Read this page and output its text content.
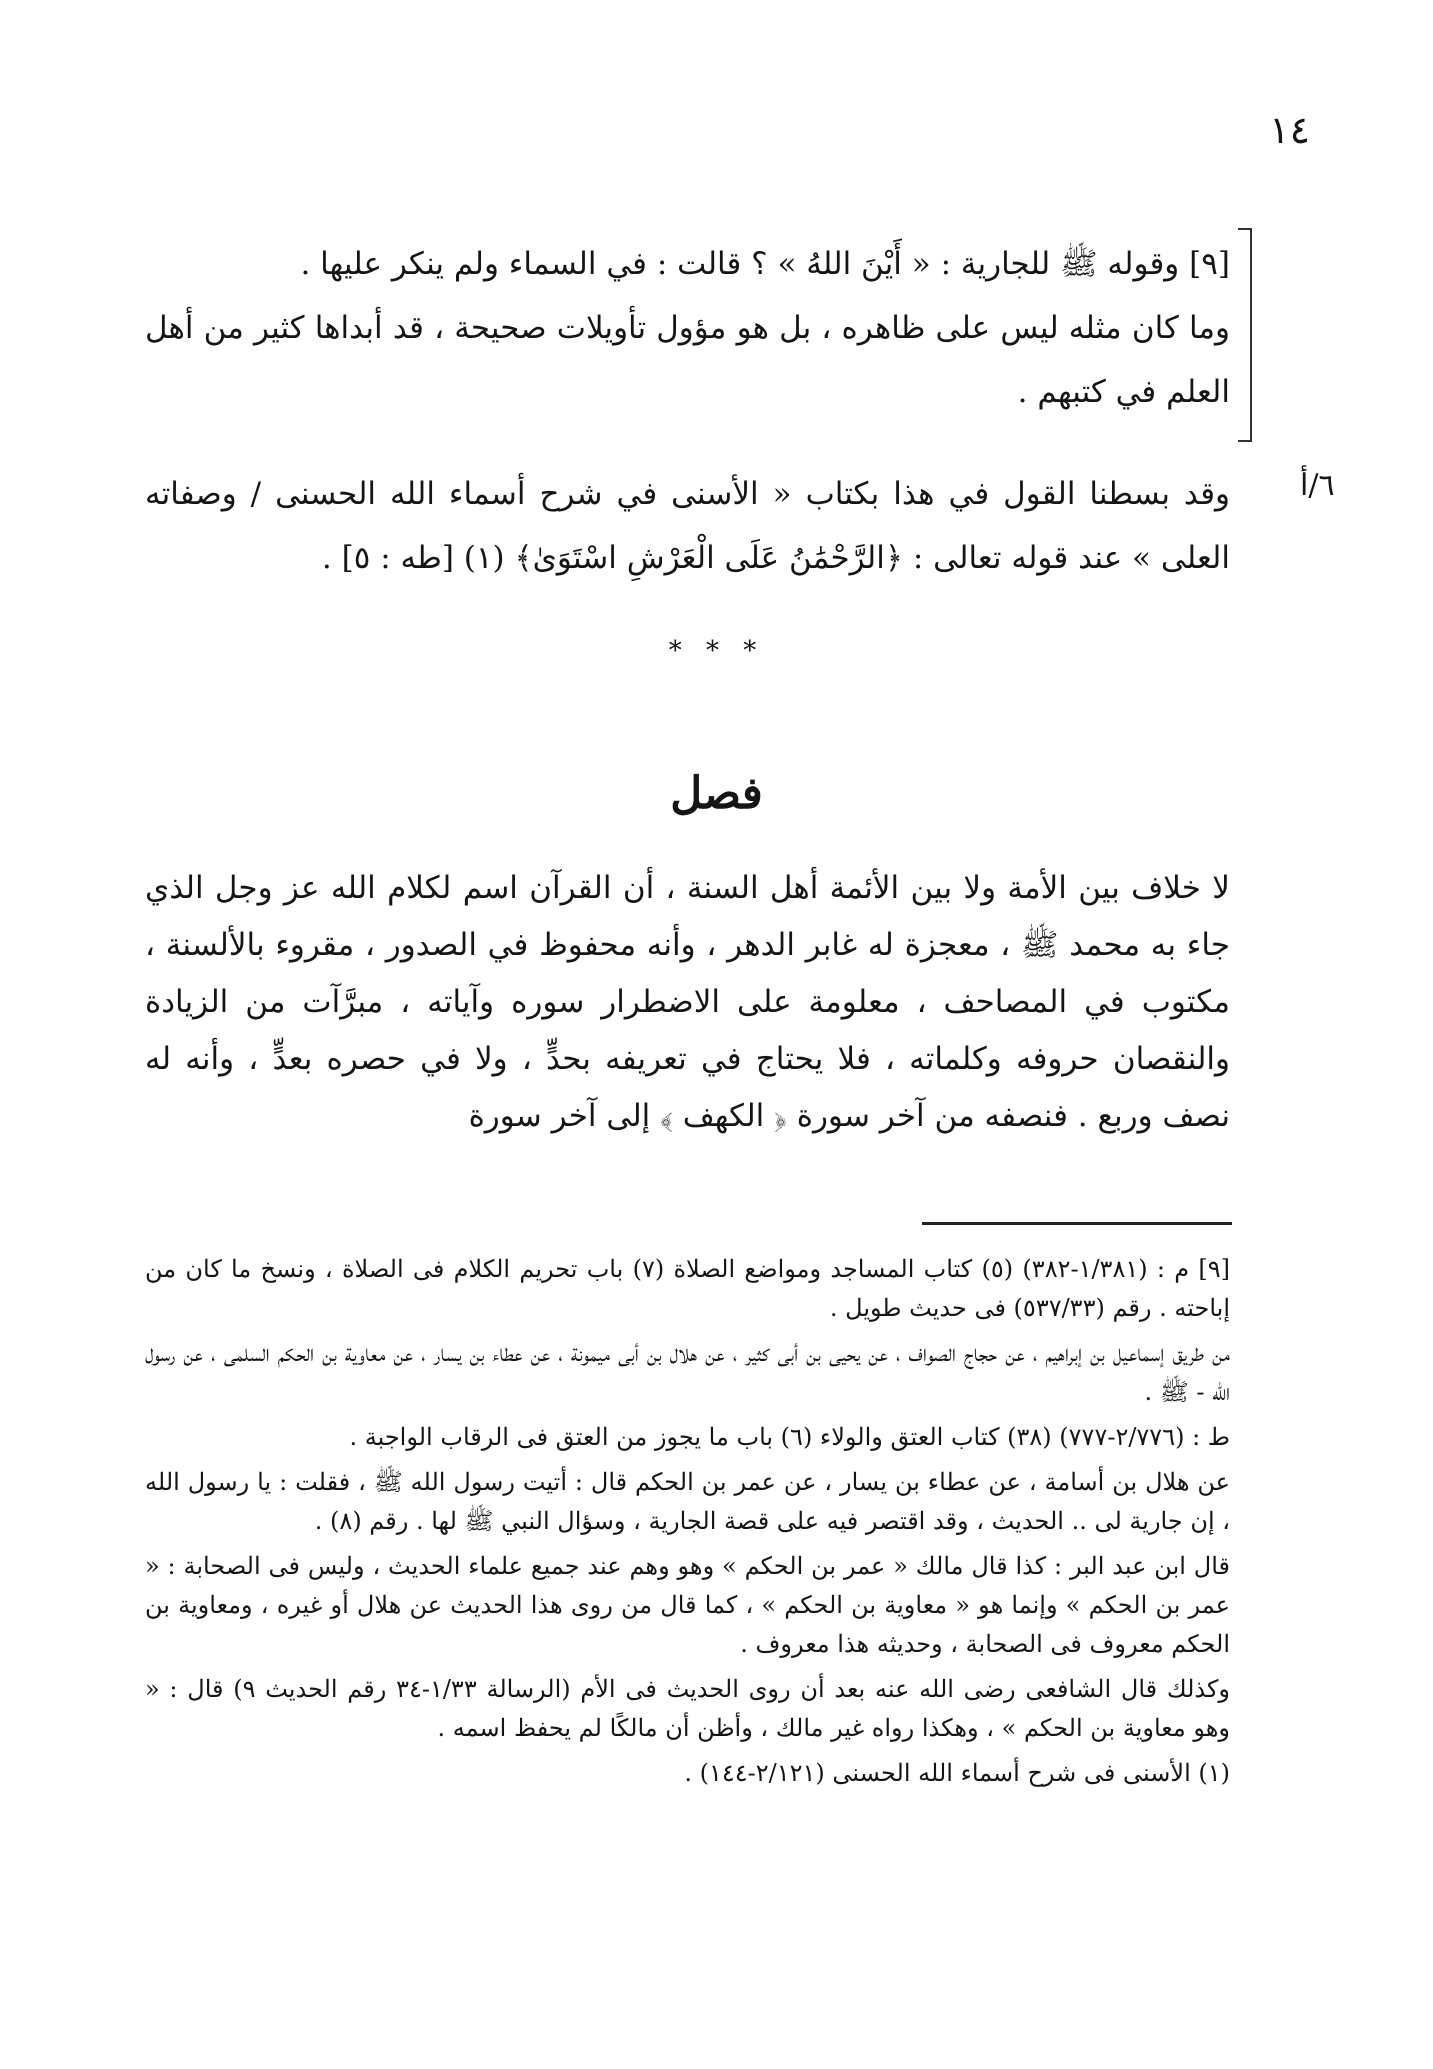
١٤
٦/أ

[٩] وقوله ﷺ للجارية : « أَيْنَ اللهُ » ؟ قالت : في السماء ولم ينكر عليها .

وما كان مثله ليس على ظاهره ، بل هو مؤول تأويلات صحيحة ، قد أبداها كثير من أهل العلم في كتبهم .

وقد بسطنا القول في هذا بكتاب « الأسنى في شرح أسماء الله الحسنى / وصفاته العلى » عند قوله تعالى : ﴿الرَّحْمَٰنُ عَلَى الْعَرْشِ اسْتَوَىٰ﴾ (١) [طه : ٥] .

* * *
فصل

لا خلاف بين الأمة ولا بين الأئمة أهل السنة ، أن القرآن اسم لكلام الله عز وجل الذي جاء به محمد ﷺ ، معجزة له غابر الدهر ، وأنه محفوظ في الصدور ، مقروء بالألسنة ، مكتوب في المصاحف ، معلومة على الاضطرار سوره وآياته ، مبرَّآت من الزيادة والنقصان حروفه وكلماته ، فلا يحتاج في تعريفه بحدٍّ ، ولا في حصره بعدٍّ ، وأنه له نصف وربع . فنصفه من آخر سورة ﴿ الكهف ﴾ إلى آخر سورة

[٩] م : (١/٣٨١-٣٨٢) (٥) كتاب المساجد ومواضع الصلاة (٧) باب تحريم الكلام فى الصلاة ، ونسخ ما كان من إباحته . رقم (٥٣٧/٣٣) فى حديث طويل .

من طريق إسماعيل بن إبراهيم ، عن حجاج الصواف ، عن يحيى بن أبى كثير ، عن هلال بن أبى ميمونة ، عن عطاء بن يسار ، عن معاوية بن الحكم السلمى ، عن رسول الله - ﷺ .

ط : (٢/٧٧٦-٧٧٧) (٣٨) كتاب العتق والولاء (٦) باب ما يجوز من العتق فى الرقاب الواجبة .

عن هلال بن أسامة ، عن عطاء بن يسار ، عن عمر بن الحكم قال : أتيت رسول الله ﷺ ، فقلت : يا رسول الله ، إن جارية لى .. الحديث ، وقد اقتصر فيه على قصة الجارية ، وسؤال النبي ﷺ لها . رقم (٨) .

قال ابن عبد البر : كذا قال مالك « عمر بن الحكم » وهو وهم عند جميع علماء الحديث ، وليس فى الصحابة : « عمر بن الحكم » وإنما هو « معاوية بن الحكم » ، كما قال من روى هذا الحديث عن هلال أو غيره ، ومعاوية بن الحكم معروف فى الصحابة ، وحديثه هذا معروف .

وكذلك قال الشافعى رضى الله عنه بعد أن روى الحديث فى الأم (الرسالة ١/٣٣-٣٤ رقم الحديث ٩) قال : « وهو معاوية بن الحكم » ، وهكذا رواه غير مالك ، وأظن أن مالكًا لم يحفظ اسمه .

(١) الأسنى فى شرح أسماء الله الحسنى (٢/١٢١-١٤٤) .
